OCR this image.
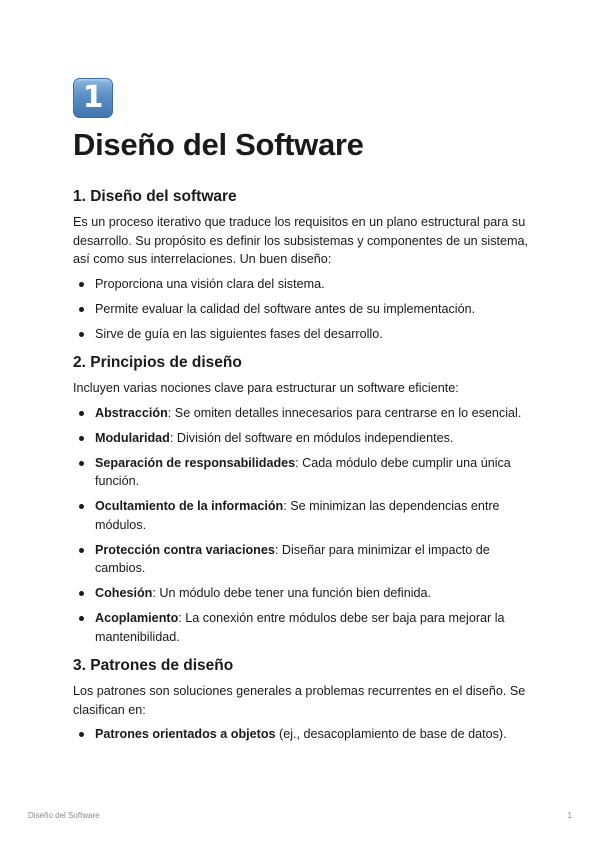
1
Diseño del Software
1. Diseño del software

Es un proceso iterativo que traduce los requisitos en un plano estructural para su desarrollo. Su propósito es definir los subsistemas y componentes de un sistema, así como sus interrelaciones. Un buen diseño:

Proporciona una visión clara del sistema.
Permite evaluar la calidad del software antes de su implementación.
Sirve de guía en las siguientes fases del desarrollo.
2. Principios de diseño

Incluyen varias nociones clave para estructurar un software eficiente:

Abstracción: Se omiten detalles innecesarios para centrarse en lo esencial.
Modularidad: División del software en módulos independientes.
Separación de responsabilidades: Cada módulo debe cumplir una única función.
Ocultamiento de la información: Se minimizan las dependencias entre módulos.
Protección contra variaciones: Diseñar para minimizar el impacto de cambios.
Cohesión: Un módulo debe tener una función bien definida.
Acoplamiento: La conexión entre módulos debe ser baja para mejorar la mantenibilidad.
3. Patrones de diseño

Los patrones son soluciones generales a problemas recurrentes en el diseño. Se clasifican en:

Patrones orientados a objetos (ej., desacoplamiento de base de datos).
Diseño del Software	1
